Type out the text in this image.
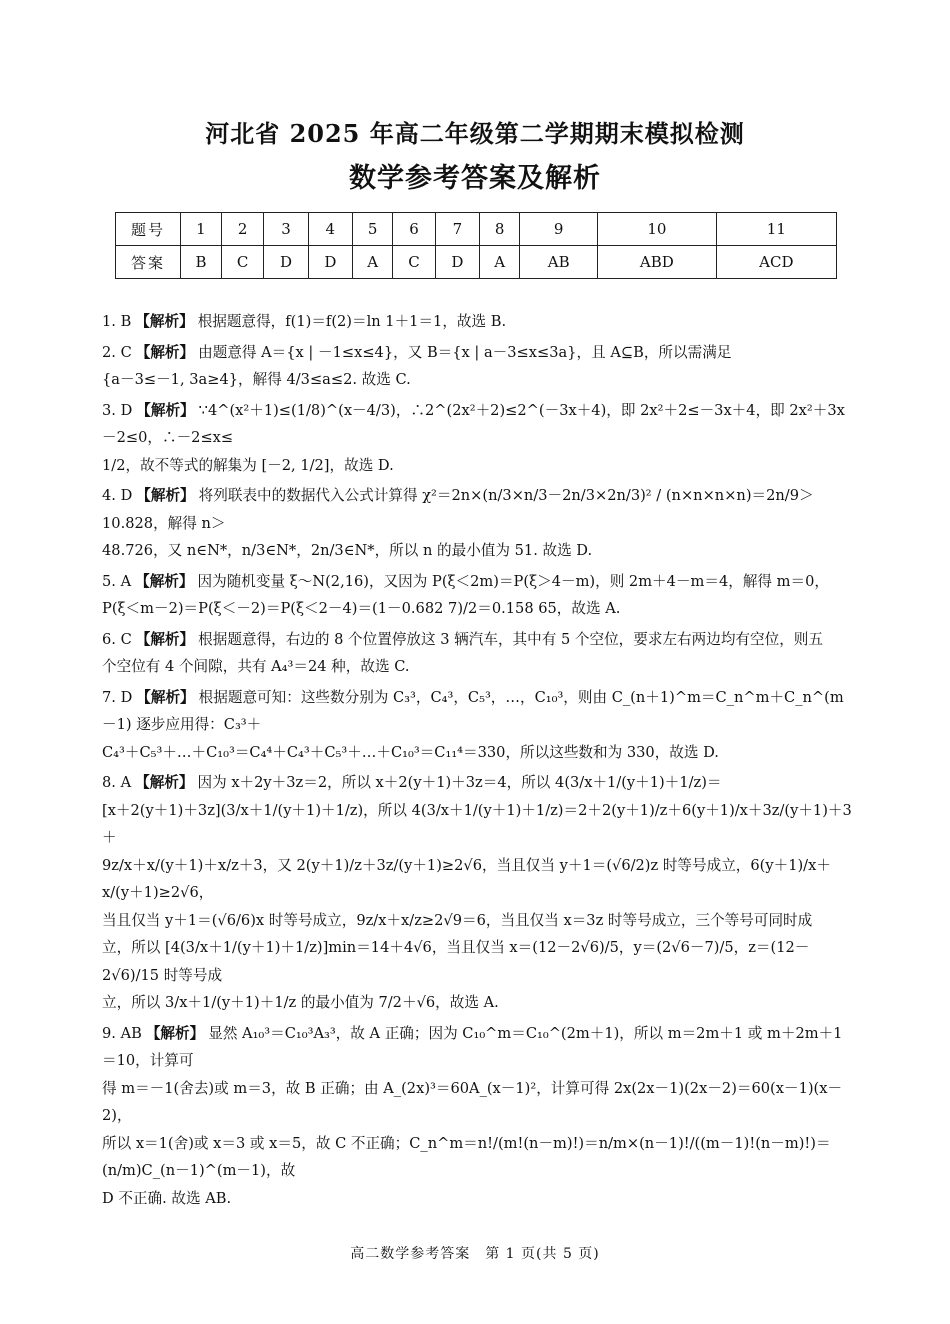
河北省 2025 年高二年级第二学期期末模拟检测
数学参考答案及解析
题号	1	2	3	4	5	6	7	8	9	10	11
答案	B	C	D	D	A	C	D	A	AB	ABD	ACD

1. B 【解析】 根据题意得，f(1)＝f(2)＝ln 1＋1＝1，故选 B.

2. C 【解析】 由题意得 A＝{x | －1≤x≤4}，又 B＝{x | a－3≤x≤3a}，且 A⊆B，所以需满足

{a－3≤－1, 3a≥4}，解得 4/3≤a≤2. 故选 C.

3. D 【解析】 ∵4^(x²＋1)≤(1/8)^(x－4/3)，∴2^(2x²＋2)≤2^(－3x＋4)，即 2x²＋2≤－3x＋4，即 2x²＋3x－2≤0，∴－2≤x≤

1/2，故不等式的解集为 [－2, 1/2]，故选 D.

4. D 【解析】 将列联表中的数据代入公式计算得 χ²＝2n×(n/3×n/3－2n/3×2n/3)² / (n×n×n×n)＝2n/9＞10.828，解得 n＞

48.726，又 n∈N*，n/3∈N*，2n/3∈N*，所以 n 的最小值为 51. 故选 D.

5. A 【解析】 因为随机变量 ξ～N(2,16)，又因为 P(ξ＜2m)＝P(ξ＞4－m)，则 2m＋4－m＝4，解得 m＝0，

P(ξ＜m－2)＝P(ξ＜－2)＝P(ξ＜2－4)＝(1－0.682 7)/2＝0.158 65，故选 A.

6. C 【解析】 根据题意得，右边的 8 个位置停放这 3 辆汽车，其中有 5 个空位，要求左右两边均有空位，则五

个空位有 4 个间隙，共有 A₄³＝24 种，故选 C.

7. D 【解析】 根据题意可知：这些数分别为 C₃³，C₄³，C₅³，…，C₁₀³，则由 C_(n＋1)^m＝C_n^m＋C_n^(m－1) 逐步应用得：C₃³＋

C₄³＋C₅³＋…＋C₁₀³＝C₄⁴＋C₄³＋C₅³＋…＋C₁₀³＝C₁₁⁴＝330，所以这些数和为 330，故选 D.

8. A 【解析】 因为 x＋2y＋3z＝2，所以 x＋2(y＋1)＋3z＝4，所以 4(3/x＋1/(y＋1)＋1/z)＝

[x＋2(y＋1)＋3z](3/x＋1/(y＋1)＋1/z)，所以 4(3/x＋1/(y＋1)＋1/z)＝2＋2(y＋1)/z＋6(y＋1)/x＋3z/(y＋1)＋3＋

9z/x＋x/(y＋1)＋x/z＋3，又 2(y＋1)/z＋3z/(y＋1)≥2√6，当且仅当 y＋1＝(√6/2)z 时等号成立，6(y＋1)/x＋x/(y＋1)≥2√6，

当且仅当 y＋1＝(√6/6)x 时等号成立，9z/x＋x/z≥2√9＝6，当且仅当 x＝3z 时等号成立，三个等号可同时成

立，所以 [4(3/x＋1/(y＋1)＋1/z)]min＝14＋4√6，当且仅当 x＝(12－2√6)/5，y＝(2√6－7)/5，z＝(12－2√6)/15 时等号成

立，所以 3/x＋1/(y＋1)＋1/z 的最小值为 7/2＋√6，故选 A.

9. AB 【解析】 显然 A₁₀³＝C₁₀³A₃³，故 A 正确；因为 C₁₀^m＝C₁₀^(2m＋1)，所以 m＝2m＋1 或 m＋2m＋1＝10，计算可

得 m＝－1(舍去)或 m＝3，故 B 正确；由 A_(2x)³＝60A_(x－1)²，计算可得 2x(2x－1)(2x－2)＝60(x－1)(x－2)，

所以 x＝1(舍)或 x＝3 或 x＝5，故 C 不正确；C_n^m＝n!/(m!(n－m)!)＝n/m×(n－1)!/((m－1)!(n－m)!)＝(n/m)C_(n－1)^(m－1)，故

D 不正确. 故选 AB.

高二数学参考答案　第 1 页(共 5 页)
